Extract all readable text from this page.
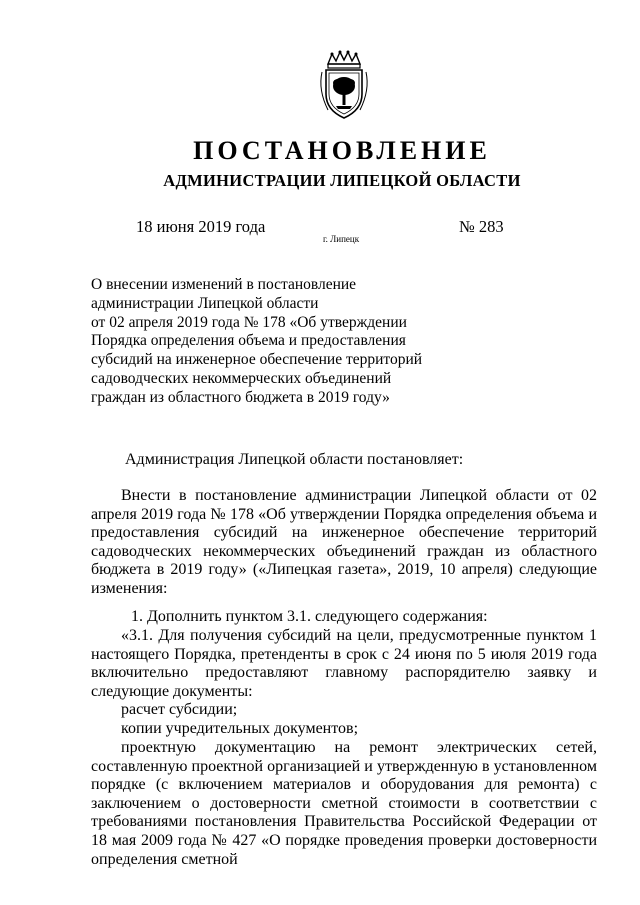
ПОСТАНОВЛЕНИЕ
АДМИНИСТРАЦИИ ЛИПЕЦКОЙ ОБЛАСТИ
18 июня 2019 года
г. Липецк
№ 283
О внесении изменений в постановление
администрации Липецкой области
от 02 апреля 2019 года № 178 «Об утверждении
Порядка определения объема и предоставления
субсидий на инженерное обеспечение территорий
садоводческих некоммерческих объединений
граждан из областного бюджета в 2019 году»
Администрация Липецкой области постановляет:
Внести в постановление администрации Липецкой области от 02 апреля 2019 года № 178 «Об утверждении Порядка определения объема и предоставления субсидий на инженерное обеспечение территорий садоводческих некоммерческих объединений граждан из областного бюджета в 2019 году» («Липецкая газета», 2019, 10 апреля) следующие изменения:
1. Дополнить пунктом 3.1. следующего содержания:
«3.1. Для получения субсидий на цели, предусмотренные пунктом 1 настоящего Порядка, претенденты в срок с 24 июня по 5 июля 2019 года включительно предоставляют главному распорядителю заявку и следующие документы:
расчет субсидии;
копии учредительных документов;
проектную документацию на ремонт электрических сетей, составленную проектной организацией и утвержденную в установленном порядке (с включением материалов и оборудования для ремонта) с заключением о достоверности сметной стоимости в соответствии с требованиями постановления Правительства Российской Федерации от 18 мая 2009 года № 427 «О порядке проведения проверки достоверности определения сметной
